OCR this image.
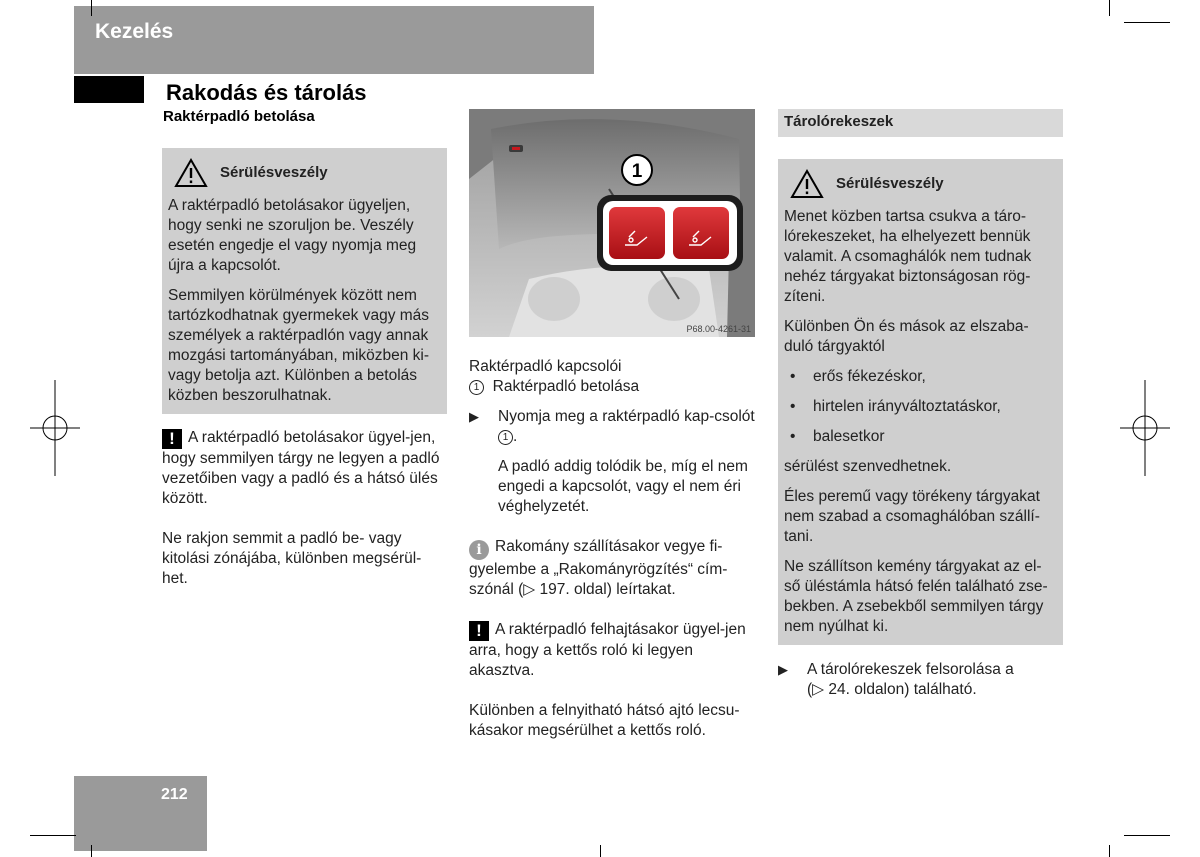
Kezelés
Rakodás és tárolás
Raktérpadló betolása
Sérülésveszély

A raktérpadló betolásakor ügyeljen, hogy senki ne szoruljon be. Veszély esetén engedje el vagy nyomja meg újra a kapcsolót.

Semmilyen körülmények között nem tartózkodhatnak gyermekek vagy más személyek a raktérpadlón vagy annak mozgási tartományában, miközben ki-vagy betolja azt. Különben a betolás közben beszorulhatnak.

! A raktérpadló betolásakor ügyel-jen, hogy semmilyen tárgy ne legyen a padló vezetőiben vagy a padló és a hátsó ülés között.

Ne rakjon semmit a padló be- vagy kitolási zónájába, különben megsérül-het.

1
P68.00-4261-31

Raktérpadló kapcsolói

1 Raktérpadló betolása

▶ Nyomja meg a raktérpadló kap-csolót 1 .

A padló addig tolódik be, míg el nem engedi a kapcsolót, vagy el nem éri véghelyzetét.

i Rakomány szállításakor vegye fi-gyelembe a „Rakományrögzítés“ cím-szónál (▷ 197. oldal) leírtakat.

! A raktérpadló felhajtásakor ügyel-jen arra, hogy a kettős roló ki legyen akasztva.

Különben a felnyitható hátsó ajtó lecsu-kásakor megsérülhet a kettős roló.

Tárolórekeszek
Sérülésveszély

Menet közben tartsa csukva a táro-lórekeszeket, ha elhelyezett bennük valamit. A csomaghálók nem tudnak nehéz tárgyakat biztonságosan rög-zíteni.

Különben Ön és mások az elszaba-duló tárgyaktól

• erős fékezéskor,

• hirtelen irányváltoztatáskor,

• balesetkor

sérülést szenvedhetnek.

Éles peremű vagy törékeny tárgyakat nem szabad a csomaghálóban szállí-tani.

Ne szállítson kemény tárgyakat az el-ső üléstámla hátsó felén található zse-bekben. A zsebekből semmilyen tárgy nem nyúlhat ki.

▶ A tárolórekeszek felsorolása a
(▷ 24. oldalon) található.

212
